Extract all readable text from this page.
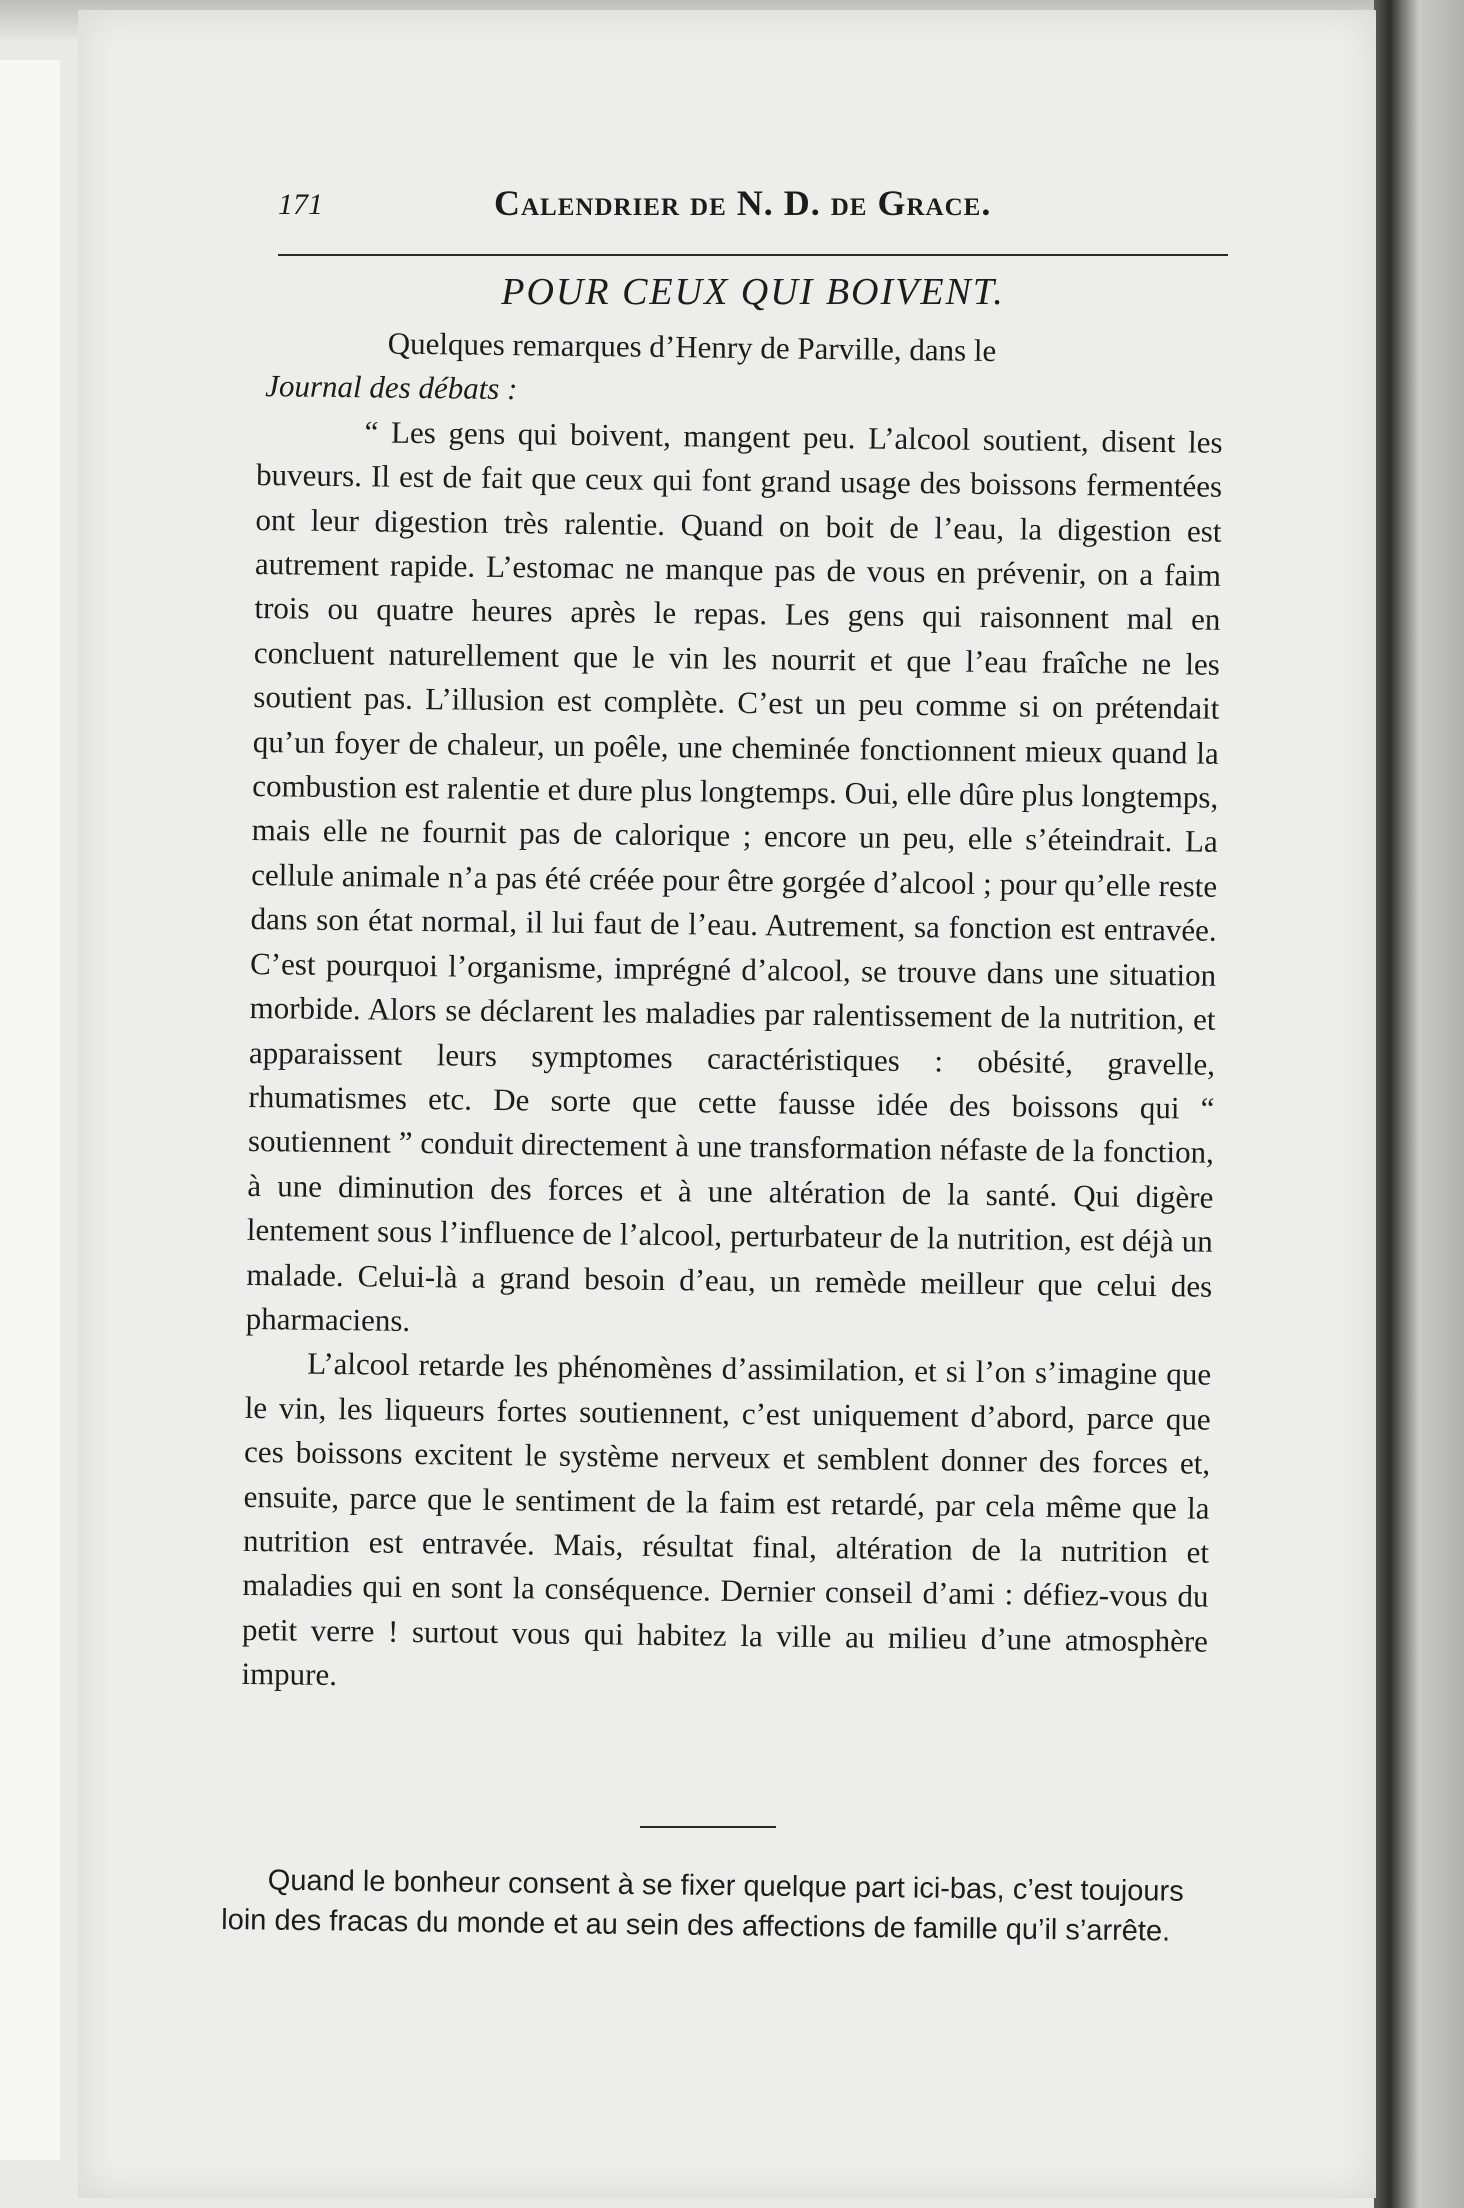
171	Calendrier de N. D. de Grace.
POUR CEUX QUI BOIVENT.

Quelques remarques d’Henry de Parville, dans le

Journal des débats :

“ Les gens qui boivent, mangent peu. L’alcool soutient, disent les buveurs. Il est de fait que ceux qui font grand usage des boissons fermentées ont leur digestion très ralentie. Quand on boit de l’eau, la digestion est autrement rapide. L’estomac ne manque pas de vous en prévenir, on a faim trois ou quatre heures après le repas. Les gens qui raisonnent mal en concluent naturellement que le vin les nourrit et que l’eau fraîche ne les soutient pas. L’illusion est complète. C’est un peu comme si on prétendait qu’un foyer de chaleur, un poêle, une cheminée fonctionnent mieux quand la combustion est ralentie et dure plus longtemps. Oui, elle dûre plus longtemps, mais elle ne fournit pas de calorique ; encore un peu, elle s’éteindrait. La cellule animale n’a pas été créée pour être gorgée d’alcool ; pour qu’elle reste dans son état normal, il lui faut de l’eau. Autrement, sa fonction est entravée. C’est pourquoi l’organisme, imprégné d’alcool, se trouve dans une situation morbide. Alors se déclarent les maladies par ralentissement de la nutrition, et apparaissent leurs symptomes caractéristiques : obésité, gravelle, rhumatismes etc. De sorte que cette fausse idée des boissons qui “ soutiennent ” conduit directement à une transformation néfaste de la fonction, à une diminution des forces et à une altération de la santé. Qui digère lentement sous l’influence de l’alcool, perturbateur de la nutrition, est déjà un malade. Celui-là a grand besoin d’eau, un remède meilleur que celui des pharmaciens.

L’alcool retarde les phénomènes d’assimilation, et si l’on s’imagine que le vin, les liqueurs fortes soutiennent, c’est uniquement d’abord, parce que ces boissons excitent le système nerveux et semblent donner des forces et, ensuite, parce que le sentiment de la faim est retardé, par cela même que la nutrition est entravée. Mais, résultat final, altération de la nutrition et maladies qui en sont la conséquence. Dernier conseil d’ami : défiez-vous du petit verre ! surtout vous qui habitez la ville au milieu d’une atmosphère impure.

Quand le bonheur consent à se fixer quelque part ici-bas, c’est toujours loin des fracas du monde et au sein des affections de famille qu’il s’arrête.
